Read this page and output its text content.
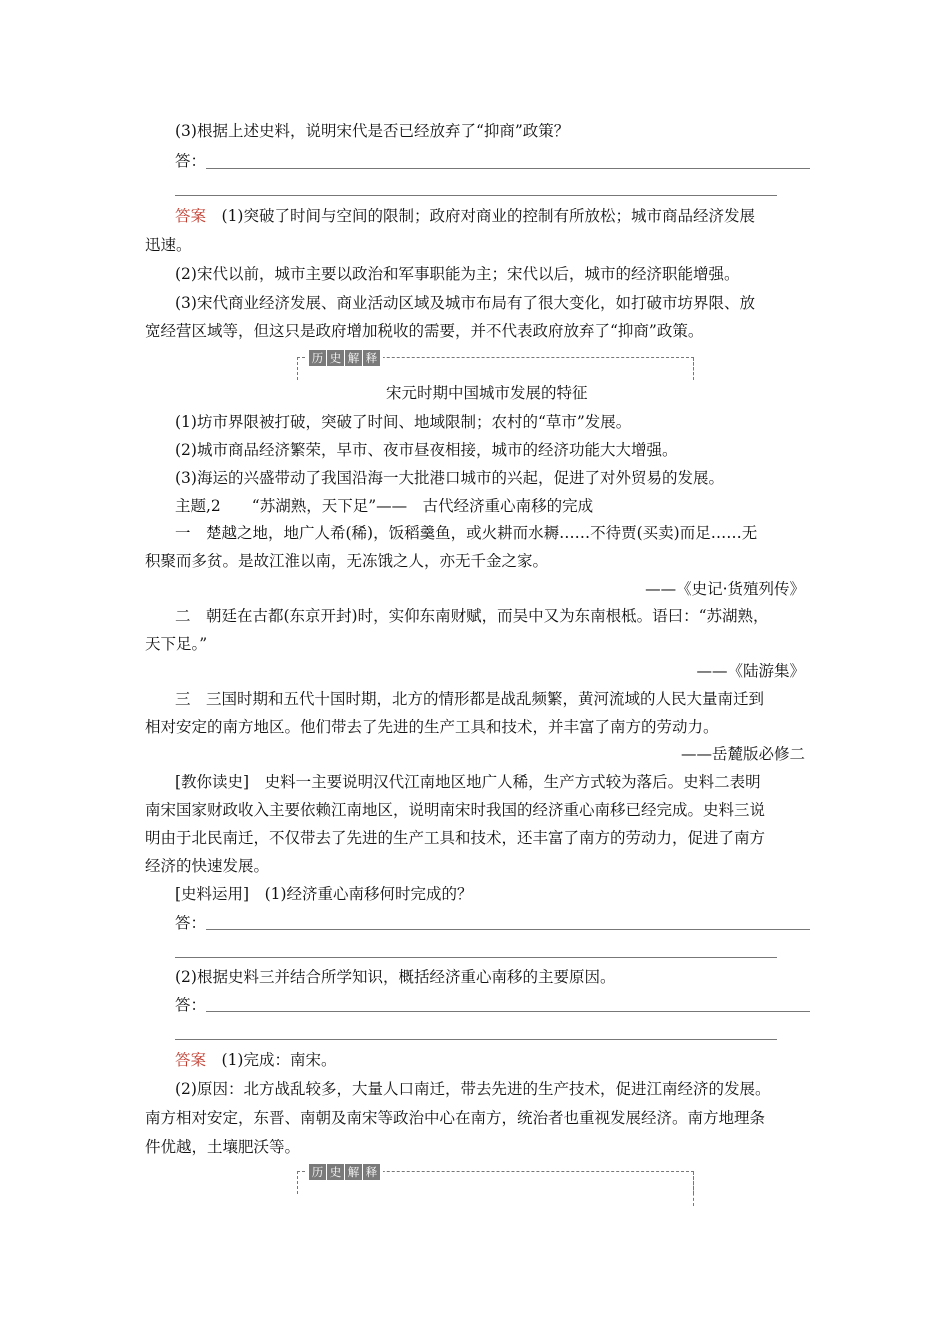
(3)根据上述史料，说明宋代是否已经放弃了“抑商”政策？
答：
答案　(1)突破了时间与空间的限制；政府对商业的控制有所放松；城市商品经济发展
迅速。
(2)宋代以前，城市主要以政治和军事职能为主；宋代以后，城市的经济职能增强。
(3)宋代商业经济发展、商业活动区域及城市布局有了很大变化，如打破市坊界限、放
宽经营区域等，但这只是政府增加税收的需要，并不代表政府放弃了“抑商”政策。
历 史 解 释
宋元时期中国城市发展的特征
(1)坊市界限被打破，突破了时间、地域限制；农村的“草市”发展。
(2)城市商品经济繁荣，早市、夜市昼夜相接，城市的经济功能大大增强。
(3)海运的兴盛带动了我国沿海一大批港口城市的兴起，促进了对外贸易的发展。
主题,2　　“苏湖熟，天下足”——　古代经济重心南移的完成
一　楚越之地，地广人希(稀)，饭稻羹鱼，或火耕而水耨……不待贾(买卖)而足……无
积聚而多贫。是故江淮以南，无冻饿之人，亦无千金之家。
——《史记·货殖列传》
二　朝廷在古都(东京开封)时，实仰东南财赋，而吴中又为东南根柢。语曰：“苏湖熟，
天下足。”
——《陆游集》
三　三国时期和五代十国时期，北方的情形都是战乱频繁，黄河流域的人民大量南迁到
相对安定的南方地区。他们带去了先进的生产工具和技术，并丰富了南方的劳动力。
——岳麓版必修二
[教你读史]　史料一主要说明汉代江南地区地广人稀，生产方式较为落后。史料二表明
南宋国家财政收入主要依赖江南地区，说明南宋时我国的经济重心南移已经完成。史料三说
明由于北民南迁，不仅带去了先进的生产工具和技术，还丰富了南方的劳动力，促进了南方
经济的快速发展。
[史料运用]　(1)经济重心南移何时完成的？
答：
(2)根据史料三并结合所学知识，概括经济重心南移的主要原因。
答：
答案　(1)完成：南宋。
(2)原因：北方战乱较多，大量人口南迁，带去先进的生产技术，促进江南经济的发展。
南方相对安定，东晋、南朝及南宋等政治中心在南方，统治者也重视发展经济。南方地理条
件优越，土壤肥沃等。
历 史 解 释
